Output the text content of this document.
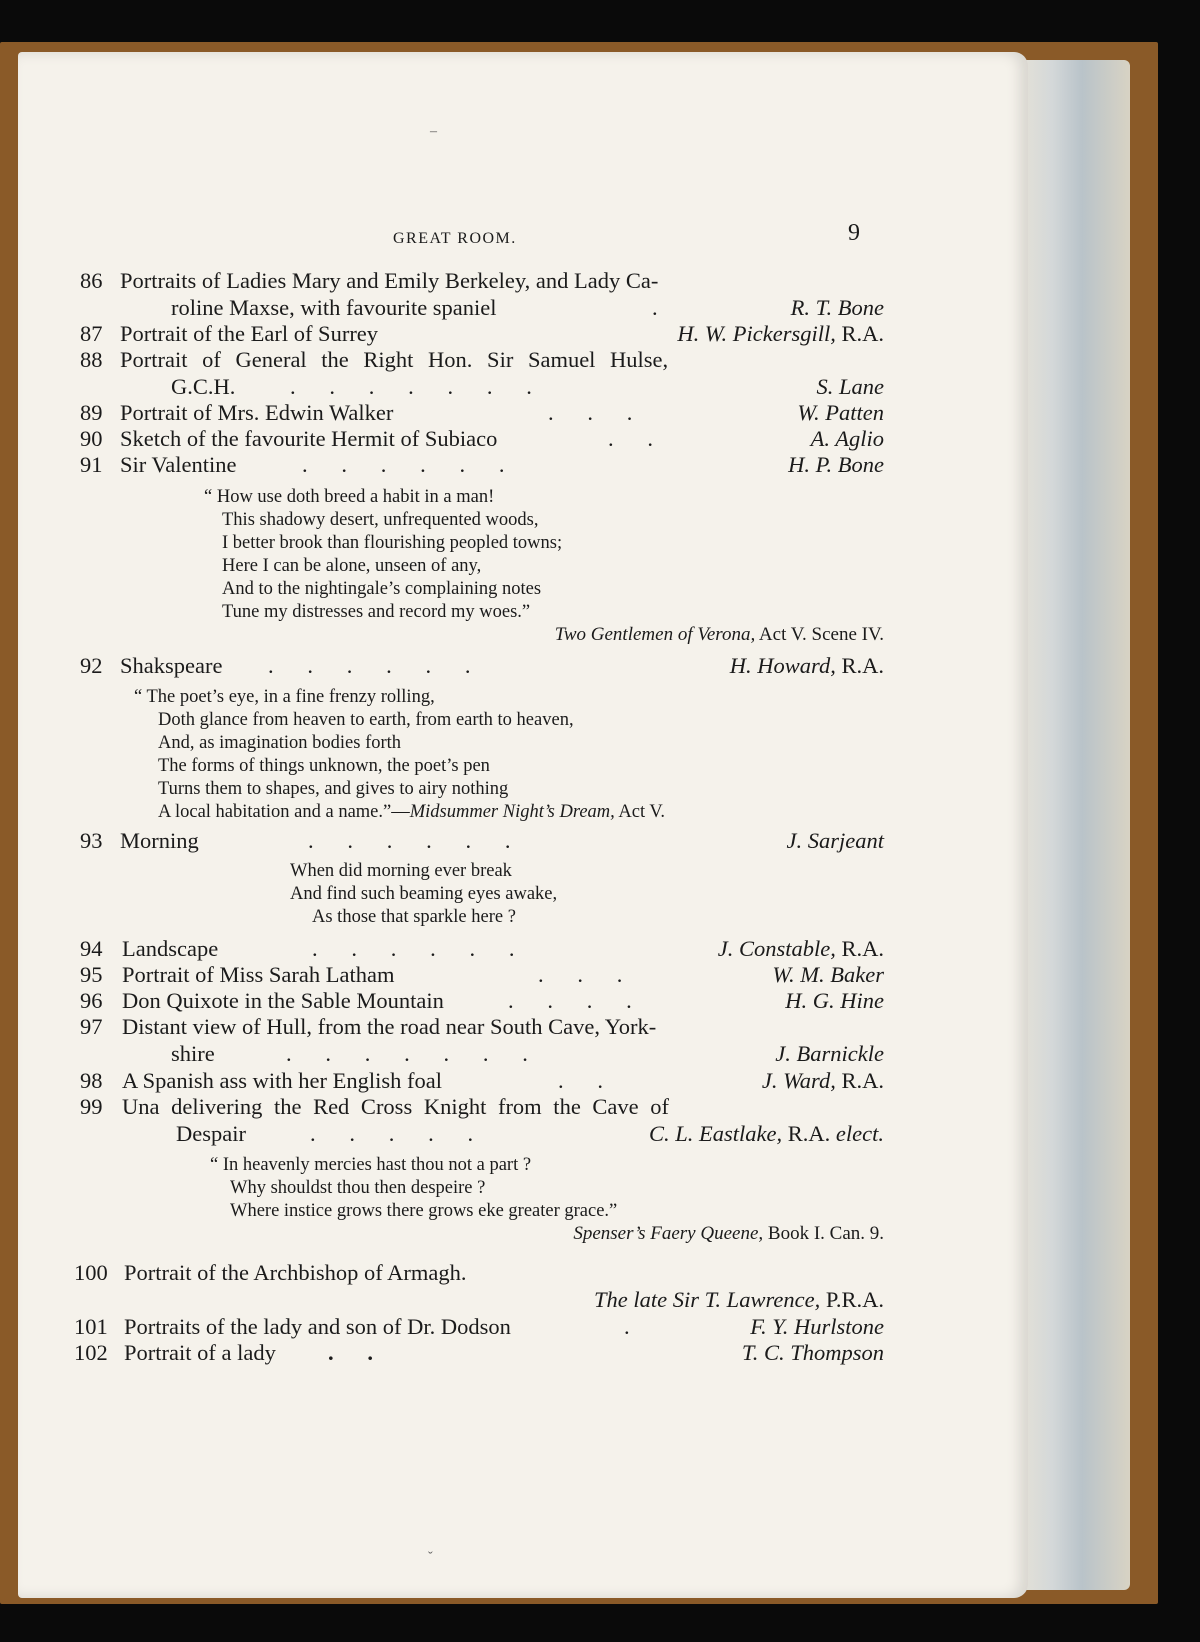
–
GREAT ROOM.	9
86 Portraits of Ladies Mary and Emily Berkeley, and Lady Ca-
roline Maxse, with favourite spaniel	.	R. T. Bone
87 Portrait of the Earl of Surrey	H. W. Pickersgill, R.A.
88 Portrait of General the Right Hon. Sir Samuel Hulse,
G.C.H. .      .      .      .      .      .      .	S. Lane
89 Portrait of Mrs. Edwin Walker	.      .      .	W. Patten
90 Sketch of the favourite Hermit of Subiaco	.      .	A. Aglio
91 Sir Valentine	.      .      .      .      .      .	H. P. Bone
“ How use doth breed a habit in a man!
This shadowy desert, unfrequented woods,
I better brook than flourishing peopled towns;
Here I can be alone, unseen of any,
And to the nightingale’s complaining notes
Tune my distresses and record my woes.”
Two Gentlemen of Verona, Act V. Scene IV.
92 Shakspeare .      .      .      .      .      .	H. Howard, R.A.
“ The poet’s eye, in a fine frenzy rolling,
Doth glance from heaven to earth, from earth to heaven,
And, as imagination bodies forth
The forms of things unknown, the poet’s pen
Turns them to shapes, and gives to airy nothing
A local habitation and a name.”—Midsummer Night’s Dream, Act V.
93 Morning	.      .      .      .      .      .	J. Sarjeant
When did morning ever break
And find such beaming eyes awake,
As those that sparkle here ?
94 Landscape	.      .      .      .      .      .	J. Constable, R.A.
95 Portrait of Miss Sarah Latham	.      .      .	W. M. Baker
96 Don Quixote in the Sable Mountain	.      .      .      .	H. G. Hine
97 Distant view of Hull, from the road near South Cave, York-
shire	.      .      .      .      .      .      .	J. Barnickle
98 A Spanish ass with her English foal	.      .	J. Ward, R.A.
99 Una delivering the Red Cross Knight from the Cave of
Despair	.      .      .      .      .	C. L. Eastlake, R.A. elect.
“ In heavenly mercies hast thou not a part ?
Why shouldst thou then despeire ?
Where instice grows there grows eke greater grace.”
Spenser’s Faery Queene, Book I. Can. 9.
100 Portrait of the Archbishop of Armagh.
The late Sir T. Lawrence, P.R.A.
101 Portraits of the lady and son of Dr. Dodson	.	F. Y. Hurlstone
102 Portrait of a lady .      .	T. C. Thompson
ˇ
